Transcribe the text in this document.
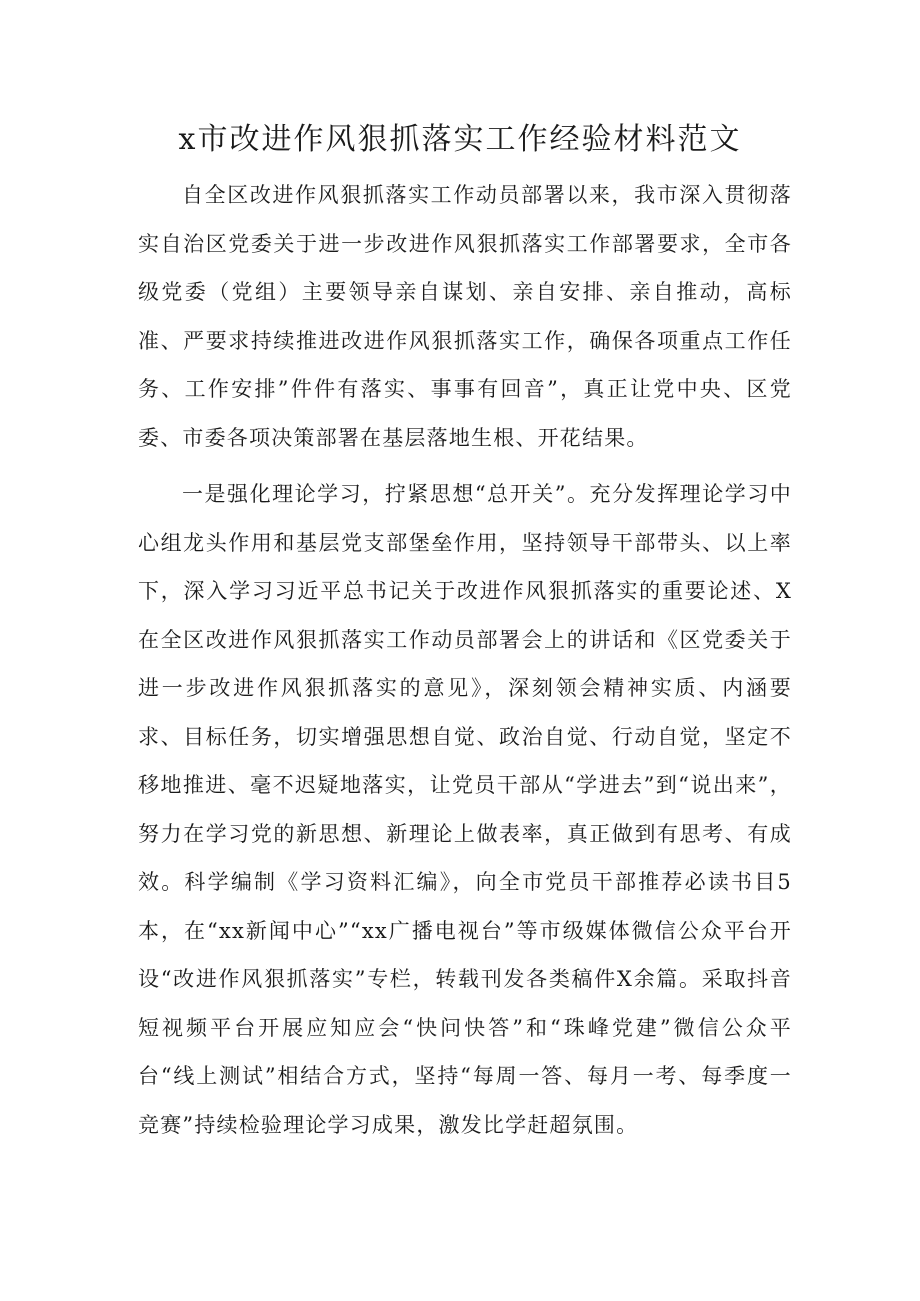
x市改进作风狠抓落实工作经验材料范文

自全区改进作风狠抓落实工作动员部署以来，我市深入贯彻落实自治区党委关于进一步改进作风狠抓落实工作部署要求，全市各级党委（党组）主要领导亲自谋划、亲自安排、亲自推动，高标准、严要求持续推进改进作风狠抓落实工作，确保各项重点工作任务、工作安排”件件有落实、事事有回音”，真正让党中央、区党委、市委各项决策部署在基层落地生根、开花结果。

一是强化理论学习，拧紧思想“总开关”。充分发挥理论学习中心组龙头作用和基层党支部堡垒作用，坚持领导干部带头、以上率下，深入学习习近平总书记关于改进作风狠抓落实的重要论述、X在全区改进作风狠抓落实工作动员部署会上的讲话和《区党委关于进一步改进作风狠抓落实的意见》，深刻领会精神实质、内涵要求、目标任务，切实增强思想自觉、政治自觉、行动自觉，坚定不移地推进、毫不迟疑地落实，让党员干部从“学进去”到“说出来”，努力在学习党的新思想、新理论上做表率，真正做到有思考、有成效。科学编制《学习资料汇编》，向全市党员干部推荐必读书目5本，在“xx新闻中心”“xx广播电视台”等市级媒体微信公众平台开设“改进作风狠抓落实”专栏，转载刊发各类稿件X余篇。采取抖音短视频平台开展应知应会“快问快答”和“珠峰党建”微信公众平台“线上测试”相结合方式，坚持“每周一答、每月一考、每季度一竞赛”持续检验理论学习成果，激发比学赶超氛围。
